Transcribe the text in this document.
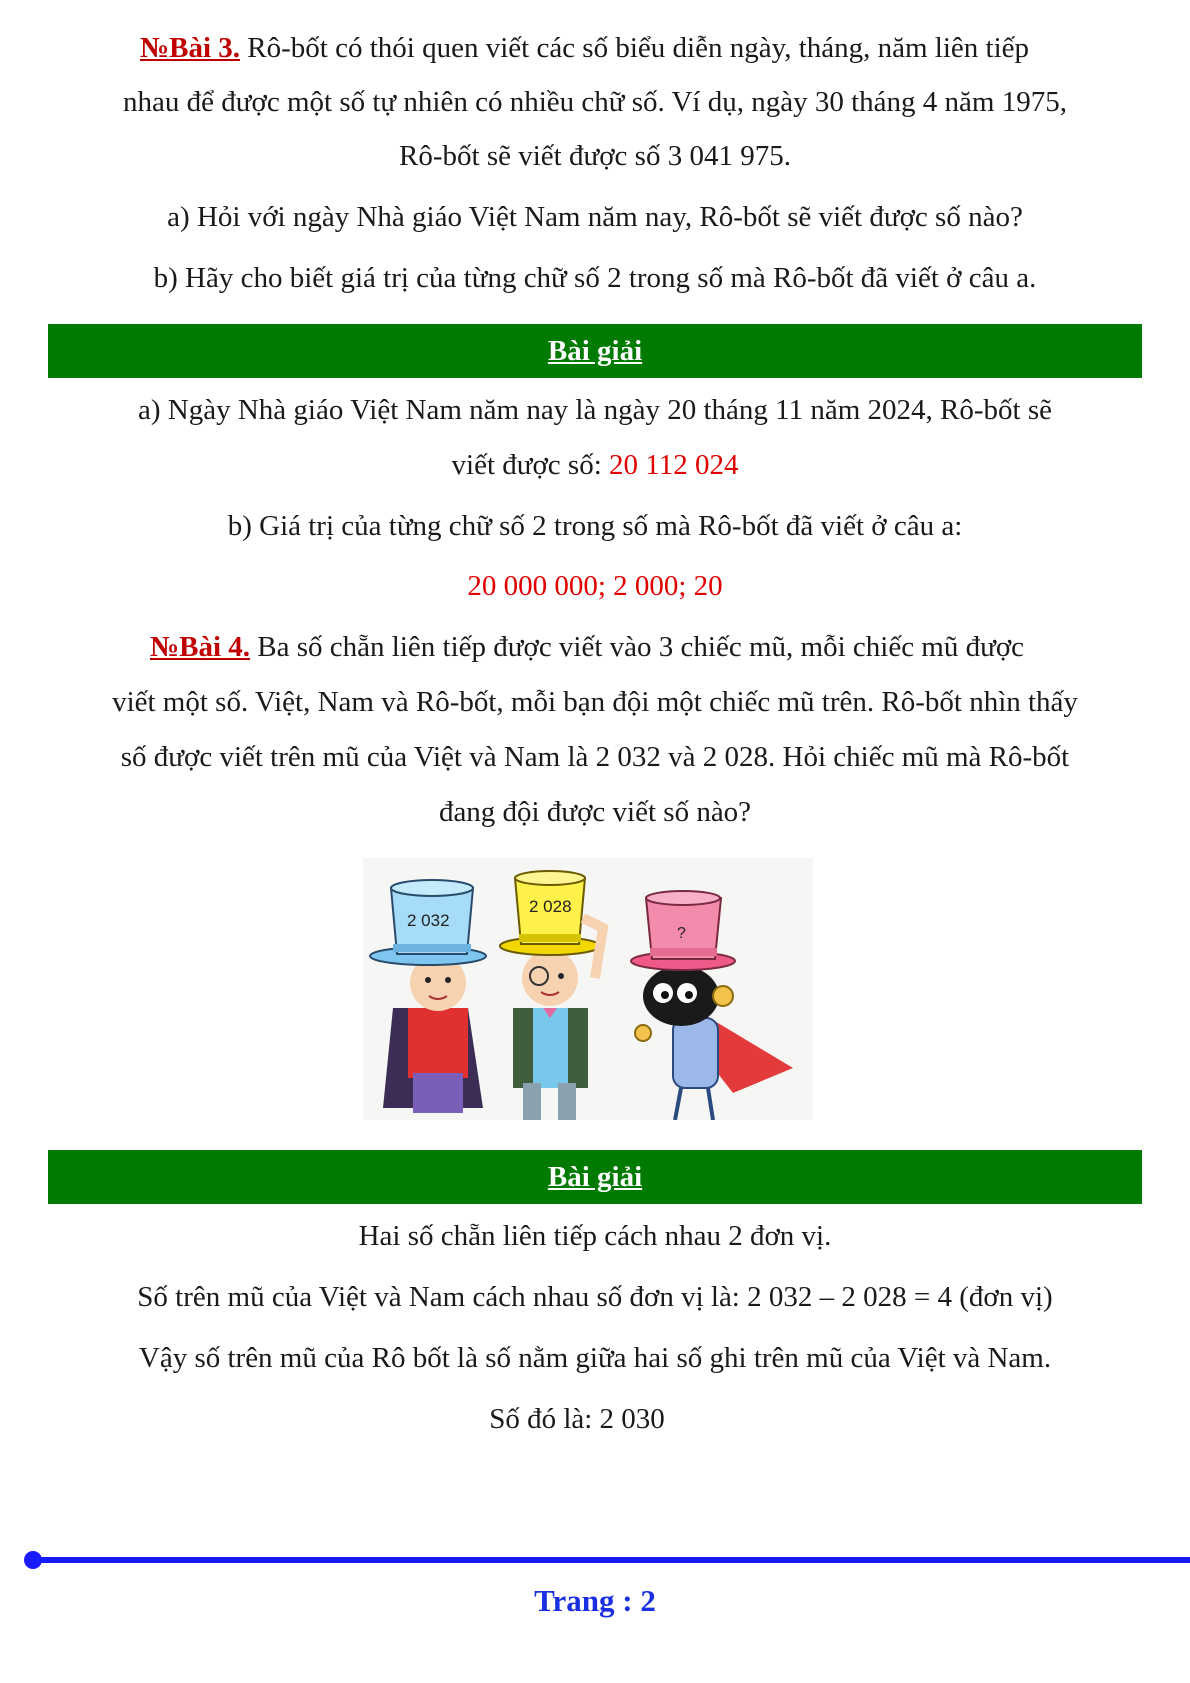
№Bài 3. Rô-bốt có thói quen viết các số biểu diễn ngày, tháng, năm liên tiếp
nhau để được một số tự nhiên có nhiều chữ số. Ví dụ, ngày 30 tháng 4 năm 1975,
Rô-bốt sẽ viết được số 3 041 975.
a) Hỏi với ngày Nhà giáo Việt Nam năm nay, Rô-bốt sẽ viết được số nào?
b) Hãy cho biết giá trị của từng chữ số 2 trong số mà Rô-bốt đã viết ở câu a.
Bài giải
a) Ngày Nhà giáo Việt Nam năm nay là ngày 20 tháng 11 năm 2024, Rô-bốt sẽ
viết được số: 20 112 024
b) Giá trị của từng chữ số 2 trong số mà Rô-bốt đã viết ở câu a:
20 000 000; 2 000; 20
№Bài 4. Ba số chẵn liên tiếp được viết vào 3 chiếc mũ, mỗi chiếc mũ được
viết một số. Việt, Nam và Rô-bốt, mỗi bạn đội một chiếc mũ trên. Rô-bốt nhìn thấy
số được viết trên mũ của Việt và Nam là 2 032 và 2 028. Hỏi chiếc mũ mà Rô-bốt
đang đội được viết số nào?
2 032
2 028
?
Bài giải
Hai số chẵn liên tiếp cách nhau 2 đơn vị.
Số trên mũ của Việt và Nam cách nhau số đơn vị là: 2 032 – 2 028 = 4 (đơn vị)
Vậy số trên mũ của Rô bốt là số nằm giữa hai số ghi trên mũ của Việt và Nam.
Số đó là: 2 030
Trang : 2
